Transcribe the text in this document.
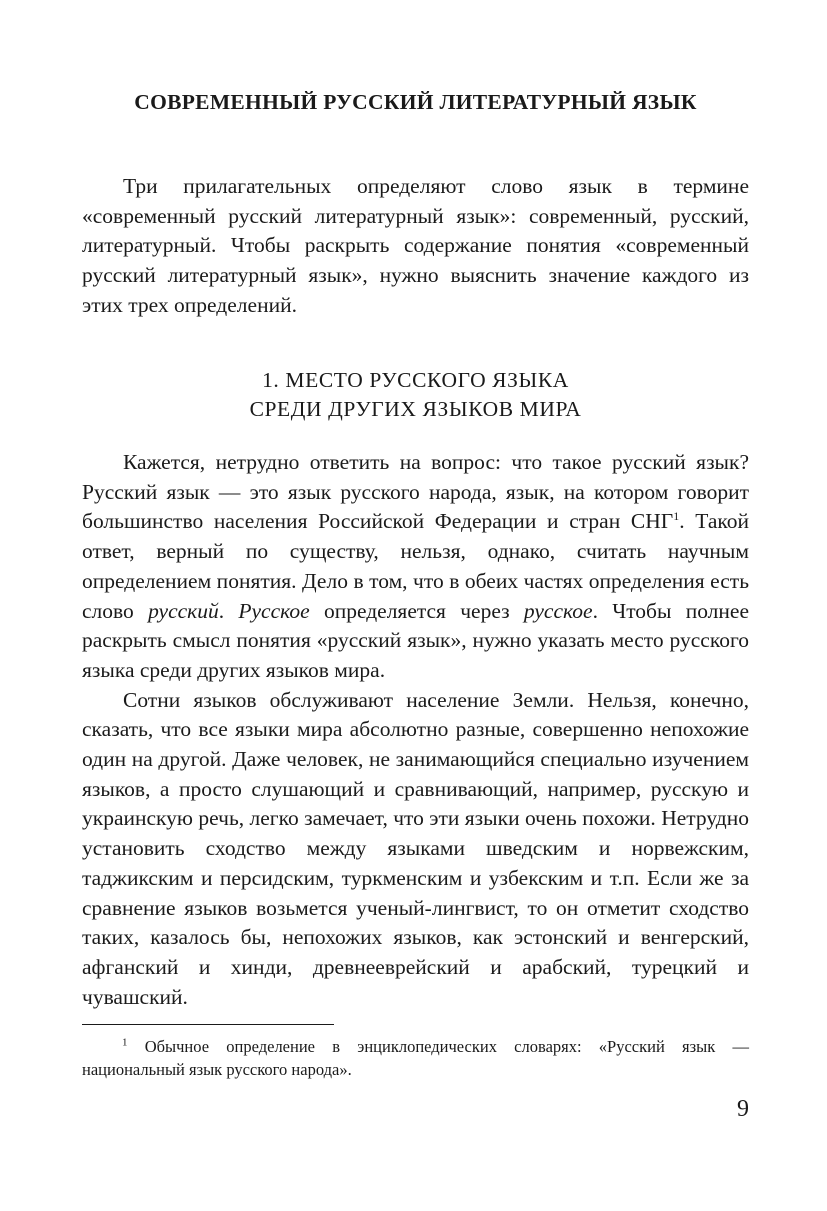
СОВРЕМЕННЫЙ РУССКИЙ ЛИТЕРАТУРНЫЙ ЯЗЫК

Три прилагательных определяют слово язык в термине «современный русский литературный язык»: современный, русский, литературный. Чтобы раскрыть содержание понятия «современный русский литературный язык», нужно выяснить значение каждого из этих трех определений.

1. МЕСТО РУССКОГО ЯЗЫКА
СРЕДИ ДРУГИХ ЯЗЫКОВ МИРА

Кажется, нетрудно ответить на вопрос: что такое русский язык? Русский язык — это язык русского народа, язык, на котором говорит большинство населения Российской Федерации и стран СНГ$^1$. Такой ответ, верный по существу, нельзя, однако, считать научным определением понятия. Дело в том, что в обеих частях определения есть слово русский. Русское определяется через русское. Чтобы полнее раскрыть смысл понятия «русский язык», нужно указать место русского языка среди других языков мира.

Сотни языков обслуживают население Земли. Нельзя, конечно, сказать, что все языки мира абсолютно разные, совершенно непохожие один на другой. Даже человек, не занимающийся специально изучением языков, а просто слушающий и сравнивающий, например, русскую и украинскую речь, легко замечает, что эти языки очень похожи. Нетрудно установить сходство между языками шведским и норвежским, таджикским и персидским, туркменским и узбекским и т.п. Если же за сравнение языков возьмется ученый-лингвист, то он отметит сходство таких, казалось бы, непохожих языков, как эстонский и венгерский, афганский и хинди, древнееврейский и арабский, турецкий и чувашский.

$^1$ Обычное определение в энциклопедических словарях: «Русский язык — национальный язык русского народа».

9
